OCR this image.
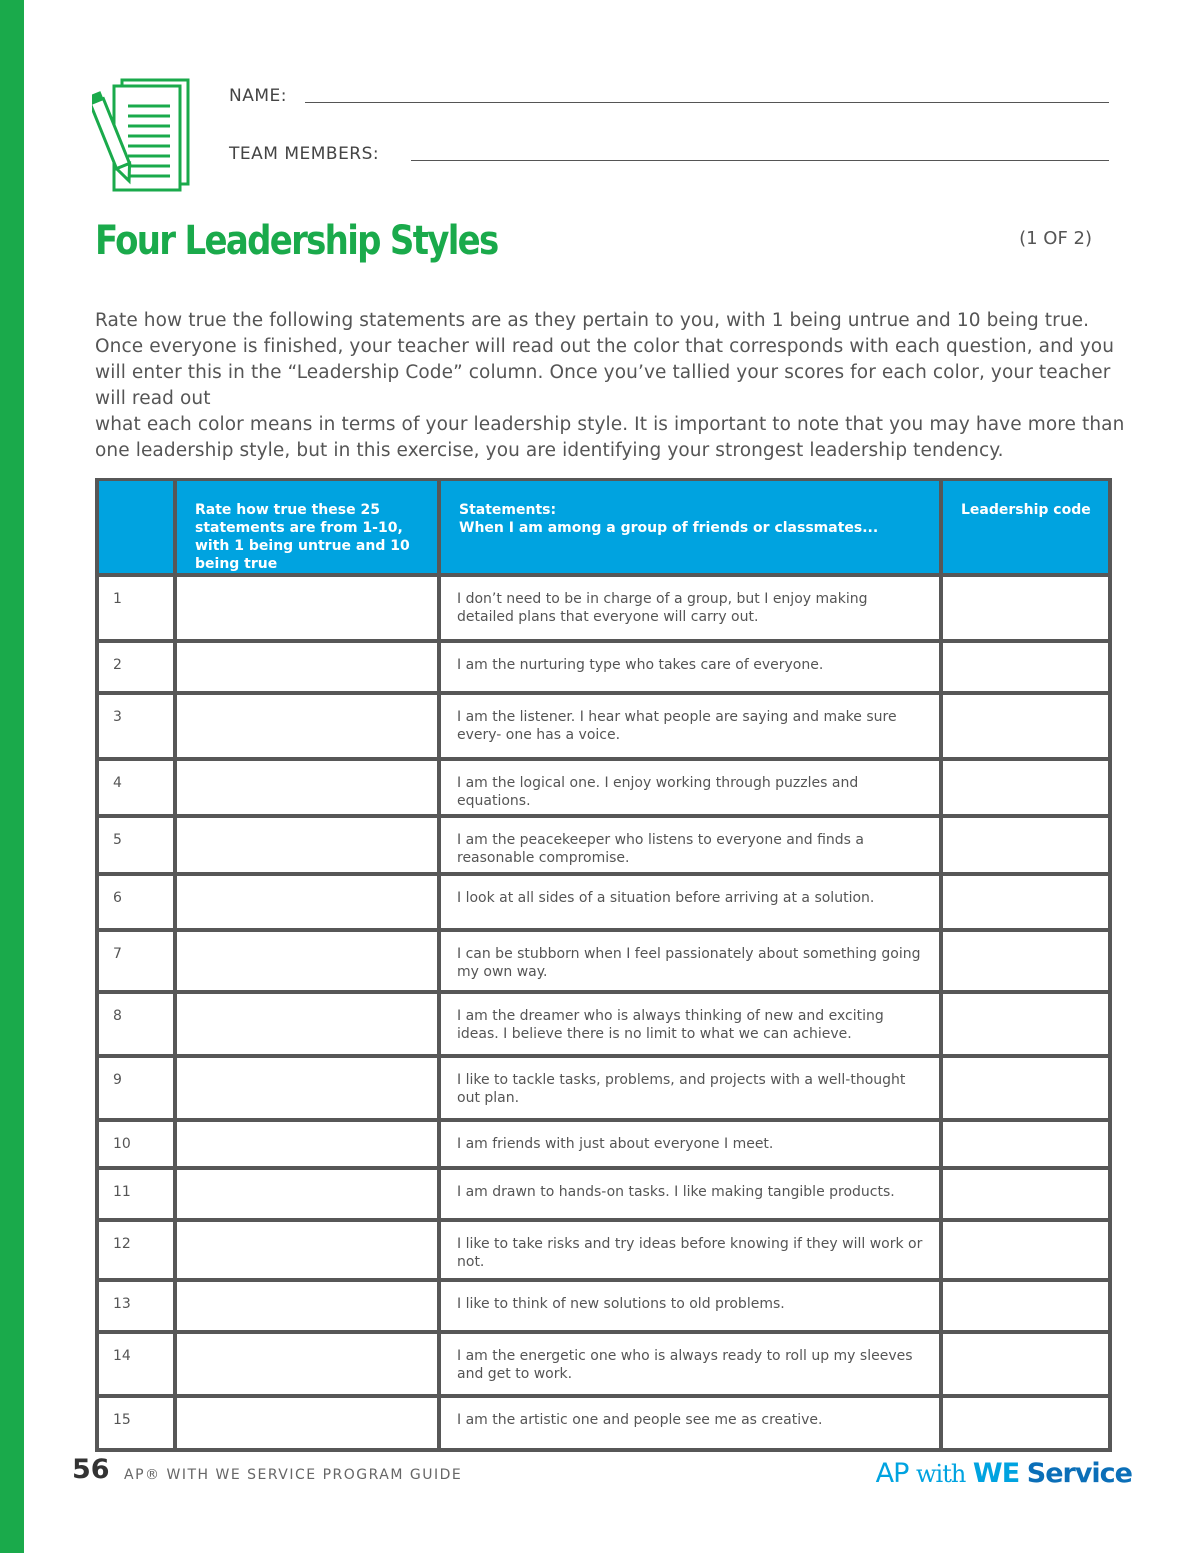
NAME:
TEAM MEMBERS:
Four Leadership Styles	(1 OF 2)

Rate how true the following statements are as they pertain to you, with 1 being untrue and 10 being true. Once everyone is finished, your teacher will read out the color that corresponds with each question, and you will enter this in the “Leadership Code” column. Once you’ve tallied your scores for each color, your teacher will read out

what each color means in terms of your leadership style. It is important to note that you may have more than one leadership style, but in this exercise, you are identifying your strongest leadership tendency.

	Rate how true these 25 statements are from 1-10, with 1 being untrue and 10 being true	Statements:
When I am among a group of friends or classmates...	Leadership code
1		I don’t need to be in charge of a group, but I enjoy making detailed plans that everyone will carry out.	
2		I am the nurturing type who takes care of everyone.	
3		I am the listener. I hear what people are saying and make sure every- one has a voice.	
4		I am the logical one. I enjoy working through puzzles and equations.	
5		I am the peacekeeper who listens to everyone and finds a reasonable compromise.	
6		I look at all sides of a situation before arriving at a solution.	
7		I can be stubborn when I feel passionately about something going my own way.	
8		I am the dreamer who is always thinking of new and exciting ideas. I believe there is no limit to what we can achieve.	
9		I like to tackle tasks, problems, and projects with a well-thought out plan.	
10		I am friends with just about everyone I meet.	
11		I am drawn to hands-on tasks. I like making tangible products.	
12		I like to take risks and try ideas before knowing if they will work or not.	
13		I like to think of new solutions to old problems.	
14		I am the energetic one who is always ready to roll up my sleeves and get to work.	
15		I am the artistic one and people see me as creative.	
56 AP® WITH WE SERVICE PROGRAM GUIDE	AP with WE Service
